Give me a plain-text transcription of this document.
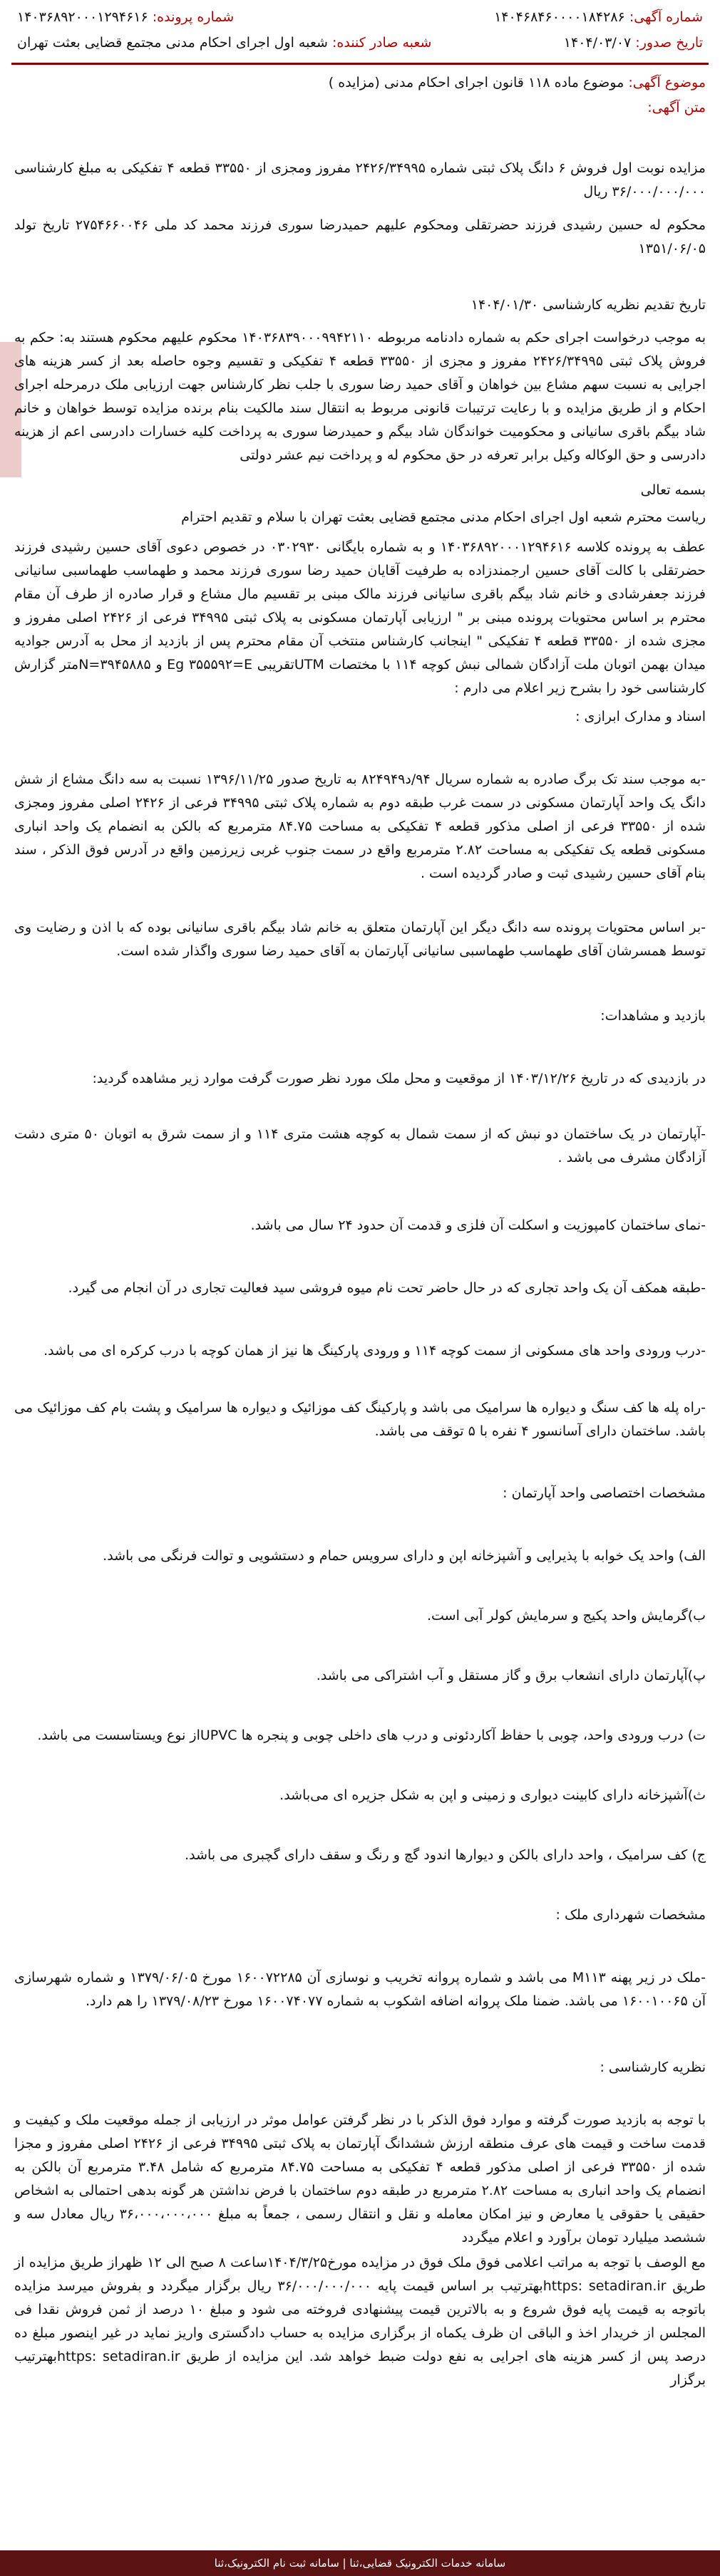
شماره آگهی: ۱۴۰۴۶۸۴۶۰۰۰۰۱۸۴۲۸۶
شماره پرونده: ۱۴۰۳۶۸۹۲۰۰۰۱۲۹۴۶۱۶
تاریخ صدور: ۱۴۰۴/۰۳/۰۷
شعبه صادر کننده: شعبه اول اجرای احکام مدنی مجتمع قضایی بعثت تهران
موضوع آگهی: موضوع ماده ۱۱۸ قانون اجرای احکام مدنی (مزایده )
متن آگهی:
مزایده نوبت اول فروش ۶ دانگ پلاک ثبتی شماره ۲۴۲۶/۳۴۹۹۵ مفروز ومجزی از ۳۳۵۵۰ قطعه ۴ تفکیکی به مبلغ کارشناسی ۳۶/۰۰۰/۰۰۰/۰۰۰ ریال
محکوم له حسین رشیدی فرزند حضرتقلی ومحکوم علیهم حمیدرضا سوری فرزند محمد کد ملی ۲۷۵۴۶۶۰۰۴۶ تاریخ تولد ۱۳۵۱/۰۶/۰۵
تاریخ تقدیم نظریه کارشناسی ۱۴۰۴/۰۱/۳۰
به موجب درخواست اجرای حکم به شماره دادنامه مربوطه ۱۴۰۳۶۸۳۹۰۰۰۹۹۴۲۱۱۰ محکوم علیهم محکوم هستند به: حکم به فروش پلاک ثبتی ۲۴۲۶/۳۴۹۹۵ مفروز و مجزی از ۳۳۵۵۰ قطعه ۴ تفکیکی و تقسیم وجوه حاصله بعد از کسر هزینه های اجرایی به نسبت سهم مشاع بین خواهان و آقای حمید رضا سوری با جلب نظر کارشناس جهت ارزیابی ملک درمرحله اجرای احکام و از طریق مزایده و با رعایت ترتیبات قانونی مربوط به انتقال سند مالکیت بنام برنده مزایده توسط خواهان و خانم شاد بیگم باقری سانیانی و محکومیت خواندگان شاد بیگم و حمیدرضا سوری به پرداخت کلیه خسارات دادرسی اعم از هزینه دادرسی و حق الوکاله وکیل برابر تعرفه در حق محکوم له و پرداخت نیم عشر دولتی
بسمه تعالی
ریاست محترم شعبه اول اجرای احکام مدنی مجتمع قضایی بعثت تهران با سلام و تقدیم احترام
عطف به پرونده کلاسه ۱۴۰۳۶۸۹۲۰۰۰۱۲۹۴۶۱۶ و به شماره بایگانی ۰۳۰۲۹۳۰ در خصوص دعوی آقای حسین رشیدی فرزند حضرتقلی با کالت آقای حسین ارجمندزاده به طرفیت آقایان حمید رضا سوری فرزند محمد و طهماسب طهماسبی سانیانی فرزند جعفرشادی و خانم شاد بیگم باقری سانیانی فرزند مالک مبنی بر تقسیم مال مشاع و قرار صادره از طرف آن مقام محترم بر اساس محتویات پرونده مبنی بر " ارزیابی آپارتمان مسکونی به پلاک ثبتی ۳۴۹۹۵ فرعی از ۲۴۲۶ اصلی مفروز و مجزی شده از ۳۳۵۵۰ قطعه ۴ تفکیکی " اینجانب کارشناس منتخب آن مقام محترم پس از بازدید از محل به آدرس جوادیه میدان بهمن اتوبان ملت آزادگان شمالی نبش کوچه ۱۱۴ با مختصات UTMتقریبی Eg ۳۵۵۵۹۲=E و N=۳۹۴۵۸۸۵متر گزارش کارشناسی خود را بشرح زیر اعلام می دارم :
اسناد و مدارک ابرازی :
-به موجب سند تک برگ صادره به شماره سریال ۹۴/د۸۲۴۹۴۹ به تاریخ صدور ۱۳۹۶/۱۱/۲۵ نسبت به سه دانگ مشاع از شش دانگ یک واحد آپارتمان مسکونی در سمت غرب طبقه دوم به شماره پلاک ثبتی ۳۴۹۹۵ فرعی از ۲۴۲۶ اصلی مفروز ومجزی شده از ۳۳۵۵۰ فرعی از اصلی مذکور قطعه ۴ تفکیکی به مساحت ۸۴.۷۵ مترمربع که بالکن به انضمام یک واحد انباری مسکونی قطعه یک تفکیکی به مساحت ۲.۸۲ مترمربع واقع در سمت جنوب غربی زیرزمین واقع در آدرس فوق الذکر ، سند بنام آقای حسین رشیدی ثبت و صادر گردیده است .
-بر اساس محتویات پرونده سه دانگ دیگر این آپارتمان متعلق به خانم شاد بیگم باقری سانیانی بوده که با اذن و رضایت وی توسط همسرشان آقای طهماسب طهماسبی سانیانی آپارتمان به آقای حمید رضا سوری واگذار شده است.
بازدید و مشاهدات:
در بازدیدی که در تاریخ ۱۴۰۳/۱۲/۲۶ از موقعیت و محل ملک مورد نظر صورت گرفت موارد زیر مشاهده گردید:
-آپارتمان در یک ساختمان دو نبش که از سمت شمال به کوچه هشت متری ۱۱۴ و از سمت شرق به اتوبان ۵۰ متری دشت آزادگان مشرف می باشد .
-نمای ساختمان کامپوزیت و اسکلت آن فلزی و قدمت آن حدود ۲۴ سال می باشد.
-طبقه همکف آن یک واحد تجاری که در حال حاضر تحت نام میوه فروشی سید فعالیت تجاری در آن انجام می گیرد.
-درب ورودی واحد های مسکونی از سمت کوچه ۱۱۴ و ورودی پارکینگ ها نیز از همان کوچه با درب کرکره ای می باشد.
-راه پله ها کف سنگ و دیواره ها سرامیک می باشد و پارکینگ کف موزائیک و دیواره ها سرامیک و پشت بام کف موزائیک می باشد. ساختمان دارای آسانسور ۴ نفره با ۵ توقف می باشد.
مشخصات اختصاصی واحد آپارتمان :
الف) واحد یک خوابه با پذیرایی و آشپزخانه اپن و دارای سرویس حمام و دستشویی و توالت فرنگی می باشد.
ب)گرمایش واحد پکیج و سرمایش کولر آبی است.
پ)آپارتمان دارای انشعاب برق و گاز مستقل و آب اشتراکی می باشد.
ت) درب ورودی واحد، چوبی با حفاظ آکاردئونی و درب های داخلی چوبی و پنجره ها UPVCاز نوع ویستاسست می باشد.
ث)آشپزخانه دارای کابینت دیواری و زمینی و اپن به شکل جزیره ای می‌باشد.
ج) کف سرامیک ، واحد دارای بالکن و دیوارها اندود گچ و رنگ و سقف دارای گچبری می باشد.
مشخصات شهرداری ملک :
-ملک در زیر پهنه M۱۱۳ می باشد و شماره پروانه تخریب و نوسازی آن ۱۶۰۰۷۲۲۸۵ مورخ ۱۳۷۹/۰۶/۰۵ و شماره شهرسازی آن ۱۶۰۰۱۰۰۶۵ می باشد. ضمنا ملک پروانه اضافه اشکوب به شماره ۱۶۰۰۷۴۰۷۷ مورخ ۱۳۷۹/۰۸/۲۳ را هم دارد.
نظریه کارشناسی :
با توجه به بازدید صورت گرفته و موارد فوق الذکر با در نظر گرفتن عوامل موثر در ارزیابی از جمله موقعیت ملک و کیفیت و قدمت ساخت و قیمت های عرف منطقه ارزش ششدانگ آپارتمان به پلاک ثبتی ۳۴۹۹۵ فرعی از ۲۴۲۶ اصلی مفروز و مجزا شده از ۳۳۵۵۰ فرعی از اصلی مذکور قطعه ۴ تفکیکی به مساحت ۸۴.۷۵ مترمربع که شامل ۳.۴۸ مترمربع آن بالکن به انضمام یک واحد انباری به مساحت ۲.۸۲ مترمربع در طبقه دوم ساختمان با فرض نداشتن هر گونه بدهی احتمالی به اشخاص حقیقی یا حقوقی یا معارض و نیز امکان معامله و نقل و انتقال رسمی ، جمعاً به مبلغ ۳۶،۰۰۰،۰۰۰،۰۰۰ ریال معادل سه و ششصد میلیارد تومان برآورد و اعلام میگردد
مع الوصف با توجه به مراتب اعلامی فوق ملک فوق در مزایده مورخ۱۴۰۴/۳/۲۵ساعت ۸ صبح الی ۱۲ ظهراز طریق مزایده از طریق https: setadiran.irبهترتیب بر اساس قیمت پایه ۳۶/۰۰۰/۰۰۰/۰۰۰ ریال برگزار میگردد و بفروش میرسد مزایده باتوجه به قیمت پایه فوق شروع و به بالاترین قیمت پیشنهادی فروخته می شود و مبلغ ۱۰ درصد از ثمن فروش نقدا فی المجلس از خریدار اخذ و الباقی ان ظرف یکماه از برگزاری مزایده به حساب دادگستری واریز نماید در غیر اینصور مبلغ ده درصد پس از کسر هزینه های اجرایی به نفع دولت ضبط خواهد شد. این مزایده از طریق https: setadiran.irبهترتیب برگزار
سامانه خدمات الکترونیک قضایی،ثنا | سامانه ثبت نام الکترونیک،ثنا
